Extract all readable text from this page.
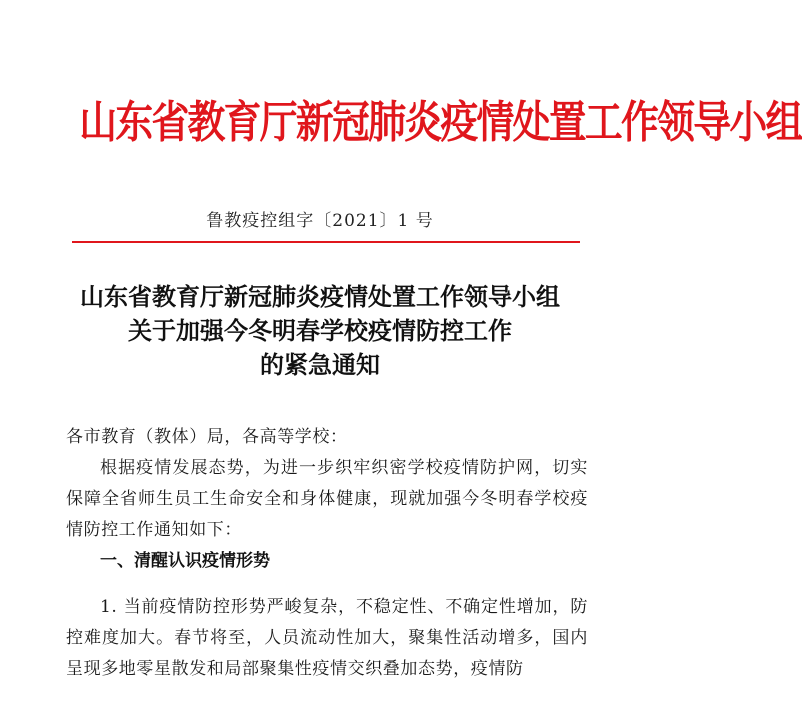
山东省教育厅新冠肺炎疫情处置工作领导小组
鲁教疫控组字〔2021〕1 号
山东省教育厅新冠肺炎疫情处置工作领导小组
关于加强今冬明春学校疫情防控工作
的紧急通知
各市教育（教体）局，各高等学校：
根据疫情发展态势，为进一步织牢织密学校疫情防护网，切实保障全省师生员工生命安全和身体健康，现就加强今冬明春学校疫情防控工作通知如下：
一、清醒认识疫情形势
1. 当前疫情防控形势严峻复杂，不稳定性、不确定性增加，防控难度加大。春节将至，人员流动性加大，聚集性活动增多，国内呈现多地零星散发和局部聚集性疫情交织叠加态势，疫情防
